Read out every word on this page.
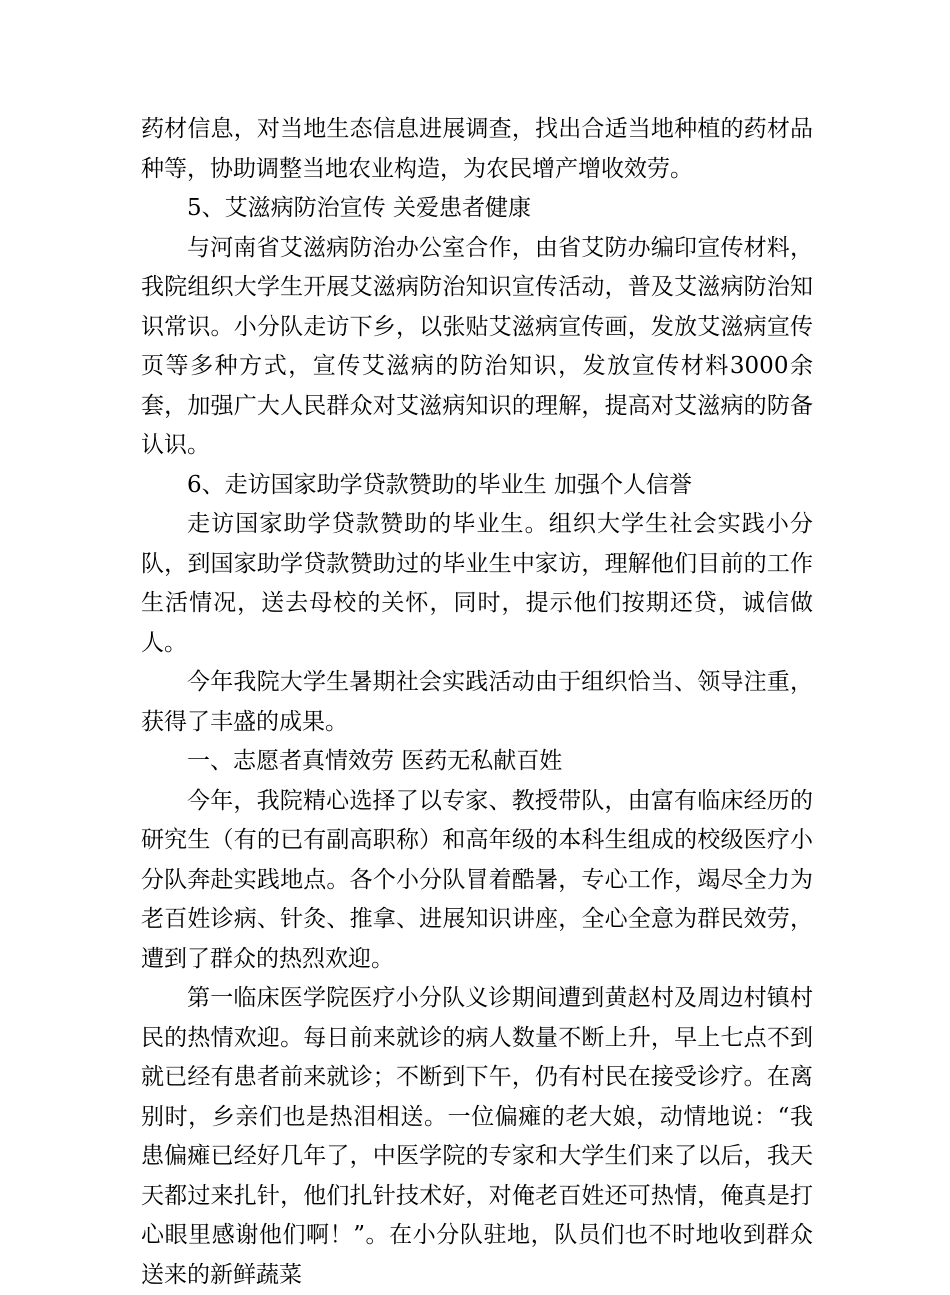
药材信息，对当地生态信息进展调查，找出合适当地种植的药材品种等，协助调整当地农业构造，为农民增产增收效劳。

5、艾滋病防治宣传 关爱患者健康

与河南省艾滋病防治办公室合作，由省艾防办编印宣传材料，我院组织大学生开展艾滋病防治知识宣传活动，普及艾滋病防治知识常识。小分队走访下乡，以张贴艾滋病宣传画，发放艾滋病宣传页等多种方式，宣传艾滋病的防治知识，发放宣传材料3000余套，加强广大人民群众对艾滋病知识的理解，提高对艾滋病的防备认识。

6、走访国家助学贷款赞助的毕业生 加强个人信誉

走访国家助学贷款赞助的毕业生。组织大学生社会实践小分队，到国家助学贷款赞助过的毕业生中家访，理解他们目前的工作生活情况，送去母校的关怀，同时，提示他们按期还贷，诚信做人。

今年我院大学生暑期社会实践活动由于组织恰当、领导注重，获得了丰盛的成果。

一、志愿者真情效劳 医药无私献百姓

今年，我院精心选择了以专家、教授带队，由富有临床经历的研究生（有的已有副高职称）和高年级的本科生组成的校级医疗小分队奔赴实践地点。各个小分队冒着酷暑，专心工作，竭尽全力为老百姓诊病、针灸、推拿、进展知识讲座，全心全意为群民效劳，遭到了群众的热烈欢迎。

第一临床医学院医疗小分队义诊期间遭到黄赵村及周边村镇村民的热情欢迎。每日前来就诊的病人数量不断上升，早上七点不到就已经有患者前来就诊；不断到下午，仍有村民在接受诊疗。在离别时，乡亲们也是热泪相送。一位偏瘫的老大娘，动情地说：“我患偏瘫已经好几年了，中医学院的专家和大学生们来了以后，我天天都过来扎针，他们扎针技术好，对俺老百姓还可热情，俺真是打心眼里感谢他们啊！”。在小分队驻地，队员们也不时地收到群众送来的新鲜蔬菜
